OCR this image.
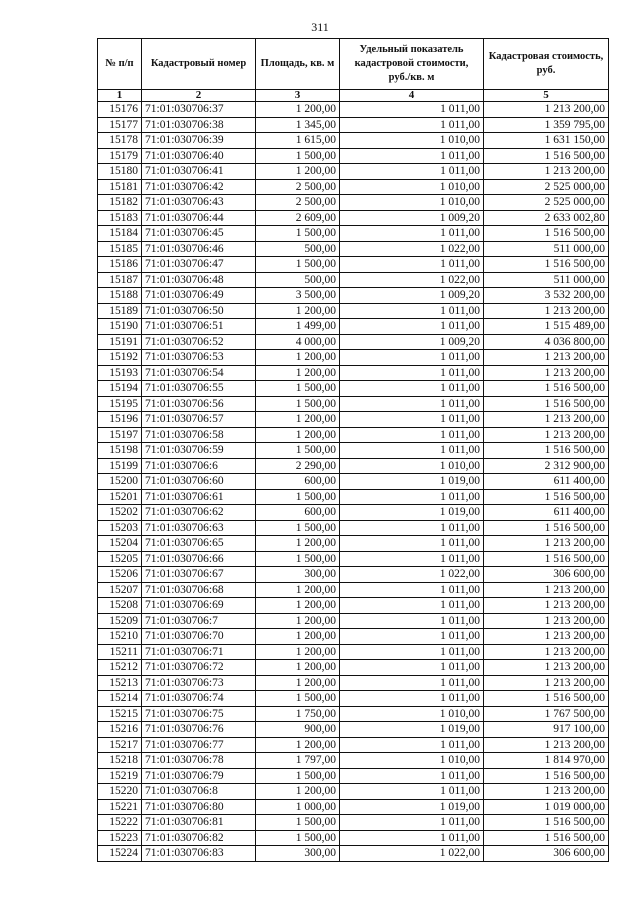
311
№ п/п	Кадастровый номер	Площадь, кв. м	Удельный показатель кадастровой стоимости, руб./кв. м	Кадастровая стоимость, руб.
1	2	3	4	5
15176	71:01:030706:37	1 200,00	1 011,00	1 213 200,00
15177	71:01:030706:38	1 345,00	1 011,00	1 359 795,00
15178	71:01:030706:39	1 615,00	1 010,00	1 631 150,00
15179	71:01:030706:40	1 500,00	1 011,00	1 516 500,00
15180	71:01:030706:41	1 200,00	1 011,00	1 213 200,00
15181	71:01:030706:42	2 500,00	1 010,00	2 525 000,00
15182	71:01:030706:43	2 500,00	1 010,00	2 525 000,00
15183	71:01:030706:44	2 609,00	1 009,20	2 633 002,80
15184	71:01:030706:45	1 500,00	1 011,00	1 516 500,00
15185	71:01:030706:46	500,00	1 022,00	511 000,00
15186	71:01:030706:47	1 500,00	1 011,00	1 516 500,00
15187	71:01:030706:48	500,00	1 022,00	511 000,00
15188	71:01:030706:49	3 500,00	1 009,20	3 532 200,00
15189	71:01:030706:50	1 200,00	1 011,00	1 213 200,00
15190	71:01:030706:51	1 499,00	1 011,00	1 515 489,00
15191	71:01:030706:52	4 000,00	1 009,20	4 036 800,00
15192	71:01:030706:53	1 200,00	1 011,00	1 213 200,00
15193	71:01:030706:54	1 200,00	1 011,00	1 213 200,00
15194	71:01:030706:55	1 500,00	1 011,00	1 516 500,00
15195	71:01:030706:56	1 500,00	1 011,00	1 516 500,00
15196	71:01:030706:57	1 200,00	1 011,00	1 213 200,00
15197	71:01:030706:58	1 200,00	1 011,00	1 213 200,00
15198	71:01:030706:59	1 500,00	1 011,00	1 516 500,00
15199	71:01:030706:6	2 290,00	1 010,00	2 312 900,00
15200	71:01:030706:60	600,00	1 019,00	611 400,00
15201	71:01:030706:61	1 500,00	1 011,00	1 516 500,00
15202	71:01:030706:62	600,00	1 019,00	611 400,00
15203	71:01:030706:63	1 500,00	1 011,00	1 516 500,00
15204	71:01:030706:65	1 200,00	1 011,00	1 213 200,00
15205	71:01:030706:66	1 500,00	1 011,00	1 516 500,00
15206	71:01:030706:67	300,00	1 022,00	306 600,00
15207	71:01:030706:68	1 200,00	1 011,00	1 213 200,00
15208	71:01:030706:69	1 200,00	1 011,00	1 213 200,00
15209	71:01:030706:7	1 200,00	1 011,00	1 213 200,00
15210	71:01:030706:70	1 200,00	1 011,00	1 213 200,00
15211	71:01:030706:71	1 200,00	1 011,00	1 213 200,00
15212	71:01:030706:72	1 200,00	1 011,00	1 213 200,00
15213	71:01:030706:73	1 200,00	1 011,00	1 213 200,00
15214	71:01:030706:74	1 500,00	1 011,00	1 516 500,00
15215	71:01:030706:75	1 750,00	1 010,00	1 767 500,00
15216	71:01:030706:76	900,00	1 019,00	917 100,00
15217	71:01:030706:77	1 200,00	1 011,00	1 213 200,00
15218	71:01:030706:78	1 797,00	1 010,00	1 814 970,00
15219	71:01:030706:79	1 500,00	1 011,00	1 516 500,00
15220	71:01:030706:8	1 200,00	1 011,00	1 213 200,00
15221	71:01:030706:80	1 000,00	1 019,00	1 019 000,00
15222	71:01:030706:81	1 500,00	1 011,00	1 516 500,00
15223	71:01:030706:82	1 500,00	1 011,00	1 516 500,00
15224	71:01:030706:83	300,00	1 022,00	306 600,00
